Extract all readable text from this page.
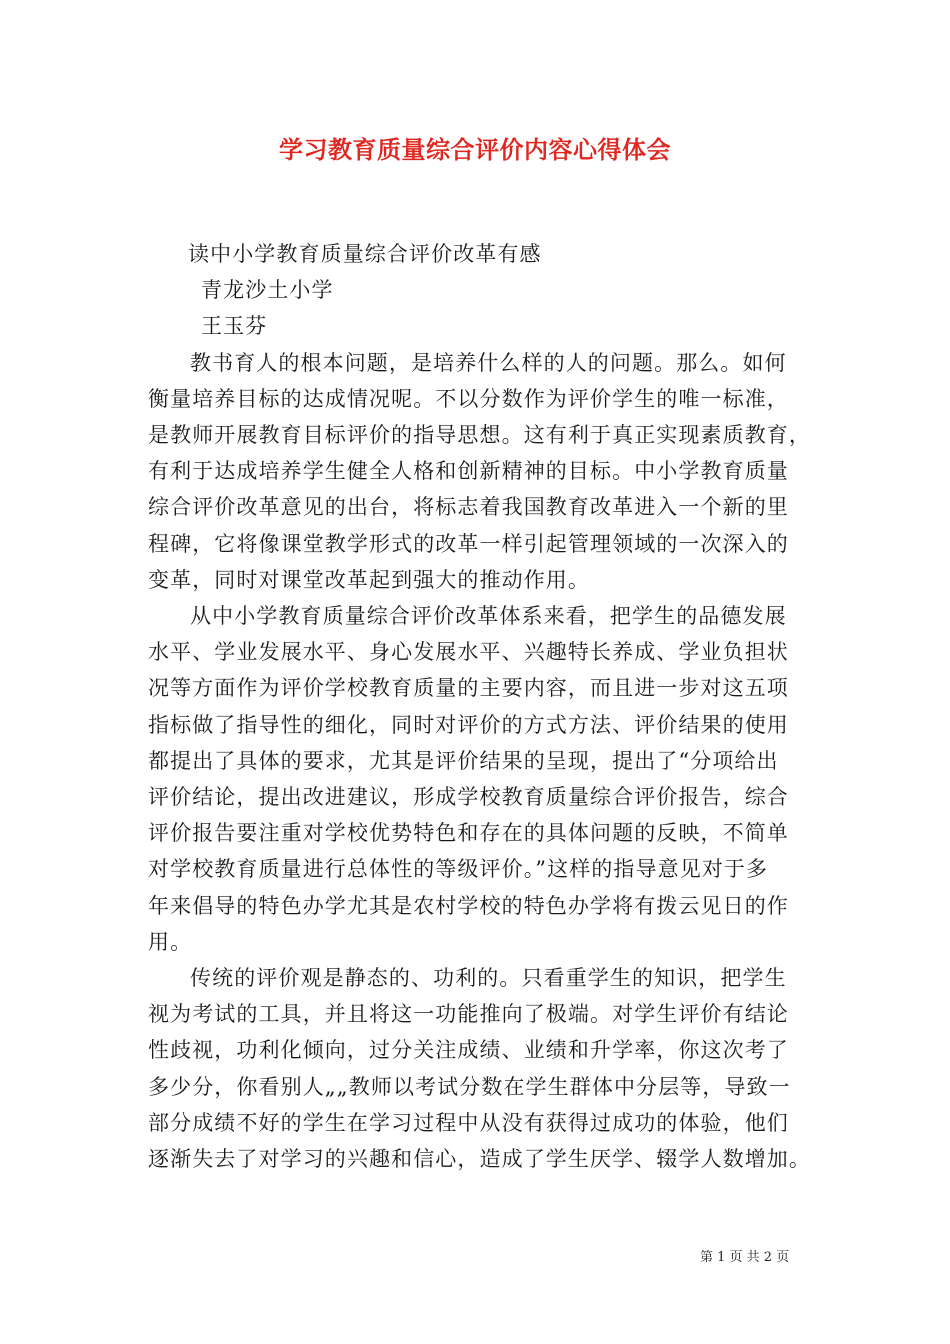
学习教育质量综合评价内容心得体会
读中小学教育质量综合评价改革有感
青龙沙土小学
王玉芬
教书育人的根本问题，是培养什么样的人的问题。那么。如何
衡量培养目标的达成情况呢。不以分数作为评价学生的唯一标准，
是教师开展教育目标评价的指导思想。这有利于真正实现素质教育，
有利于达成培养学生健全人格和创新精神的目标。中小学教育质量
综合评价改革意见的出台，将标志着我国教育改革进入一个新的里
程碑，它将像课堂教学形式的改革一样引起管理领域的一次深入的
变革，同时对课堂改革起到强大的推动作用。
从中小学教育质量综合评价改革体系来看，把学生的品德发展
水平、学业发展水平、身心发展水平、兴趣特长养成、学业负担状
况等方面作为评价学校教育质量的主要内容，而且进一步对这五项
指标做了指导性的细化，同时对评价的方式方法、评价结果的使用
都提出了具体的要求，尤其是评价结果的呈现，提出了“分项给出
评价结论，提出改进建议，形成学校教育质量综合评价报告，综合
评价报告要注重对学校优势特色和存在的具体问题的反映，不简单
对学校教育质量进行总体性的等级评价。”这样的指导意见对于多
年来倡导的特色办学尤其是农村学校的特色办学将有拨云见日的作
用。
传统的评价观是静态的、功利的。只看重学生的知识，把学生
视为考试的工具，并且将这一功能推向了极端。对学生评价有结论
性歧视，功利化倾向，过分关注成绩、业绩和升学率，你这次考了
多少分，你看别人„„教师以考试分数在学生群体中分层等，导致一
部分成绩不好的学生在学习过程中从没有获得过成功的体验，他们
逐渐失去了对学习的兴趣和信心，造成了学生厌学、辍学人数增加。
第 1 页 共 2 页
